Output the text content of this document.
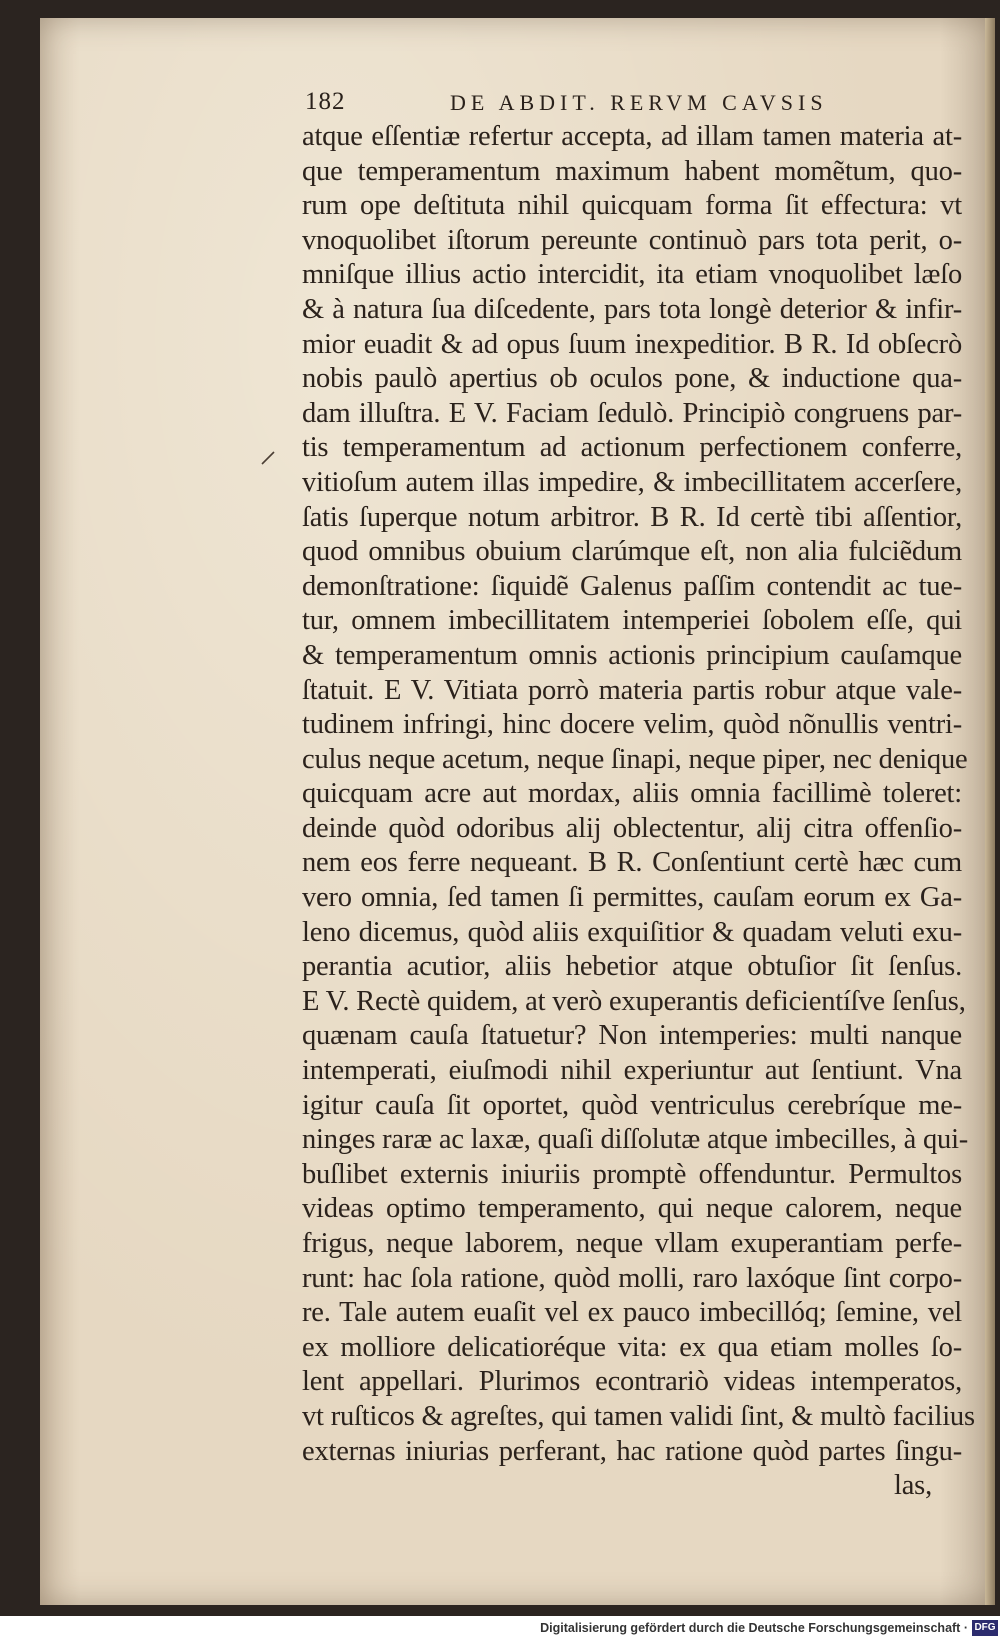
182	DE ABDIT. RERVM CAVSIS
atque eſſentiæ refertur accepta, ad illam tamen materia at-
que temperamentum maximum habent momẽtum, quo-
rum ope deſtituta nihil quicquam forma ſit effectura: vt
vnoquolibet iſtorum pereunte continuò pars tota perit, o-
mniſque illius actio intercidit, ita etiam vnoquolibet læſo
& à natura ſua diſcedente, pars tota longè deterior & infir-
mior euadit & ad opus ſuum inexpeditior. B R. Id obſecrò
nobis paulò apertius ob oculos pone, & inductione qua-
dam illuſtra. E V. Faciam ſedulò. Principiò congruens par-
tis temperamentum ad actionum perfectionem conferre,
vitioſum autem illas impedire, & imbecillitatem accerſere,
ſatis ſuperque notum arbitror. B R. Id certè tibi aſſentior,
quod omnibus obuium clarúmque eſt, non alia fulciẽdum
demonſtratione: ſiquidẽ Galenus paſſim contendit ac tue-
tur, omnem imbecillitatem intemperiei ſobolem eſſe, qui
& temperamentum omnis actionis principium cauſamque
ſtatuit. E V. Vitiata porrò materia partis robur atque vale-
tudinem infringi, hinc docere velim, quòd nõnullis ventri-
culus neque acetum, neque ſinapi, neque piper, nec denique
quicquam acre aut mordax, aliis omnia facillimè toleret:
deinde quòd odoribus alij oblectentur, alij citra offenſio-
nem eos ferre nequeant. B R. Conſentiunt certè hæc cum
vero omnia, ſed tamen ſi permittes, cauſam eorum ex Ga-
leno dicemus, quòd aliis exquiſitior & quadam veluti exu-
perantia acutior, aliis hebetior atque obtuſior ſit ſenſus.
E V. Rectè quidem, at verò exuperantis deficientíſve ſenſus,
quænam cauſa ſtatuetur? Non intemperies: multi nanque
intemperati, eiuſmodi nihil experiuntur aut ſentiunt. Vna
igitur cauſa ſit oportet, quòd ventriculus cerebríque me-
ninges raræ ac laxæ, quaſi diſſolutæ atque imbecilles, à qui-
buſlibet externis iniuriis promptè offenduntur. Permultos
videas optimo temperamento, qui neque calorem, neque
frigus, neque laborem, neque vllam exuperantiam perfe-
runt: hac ſola ratione, quòd molli, raro laxóque ſint corpo-
re. Tale autem euaſit vel ex pauco imbecillóq; ſemine, vel
ex molliore delicatioréque vita: ex qua etiam molles ſo-
lent appellari. Plurimos econtrariò videas intemperatos,
vt ruſticos & agreſtes, qui tamen validi ſint, & multò facilius
externas iniurias perferant, hac ratione quòd partes ſingu-
las,
Digitalisierung gefördert durch die Deutsche Forschungsgemeinschaft · DFG
